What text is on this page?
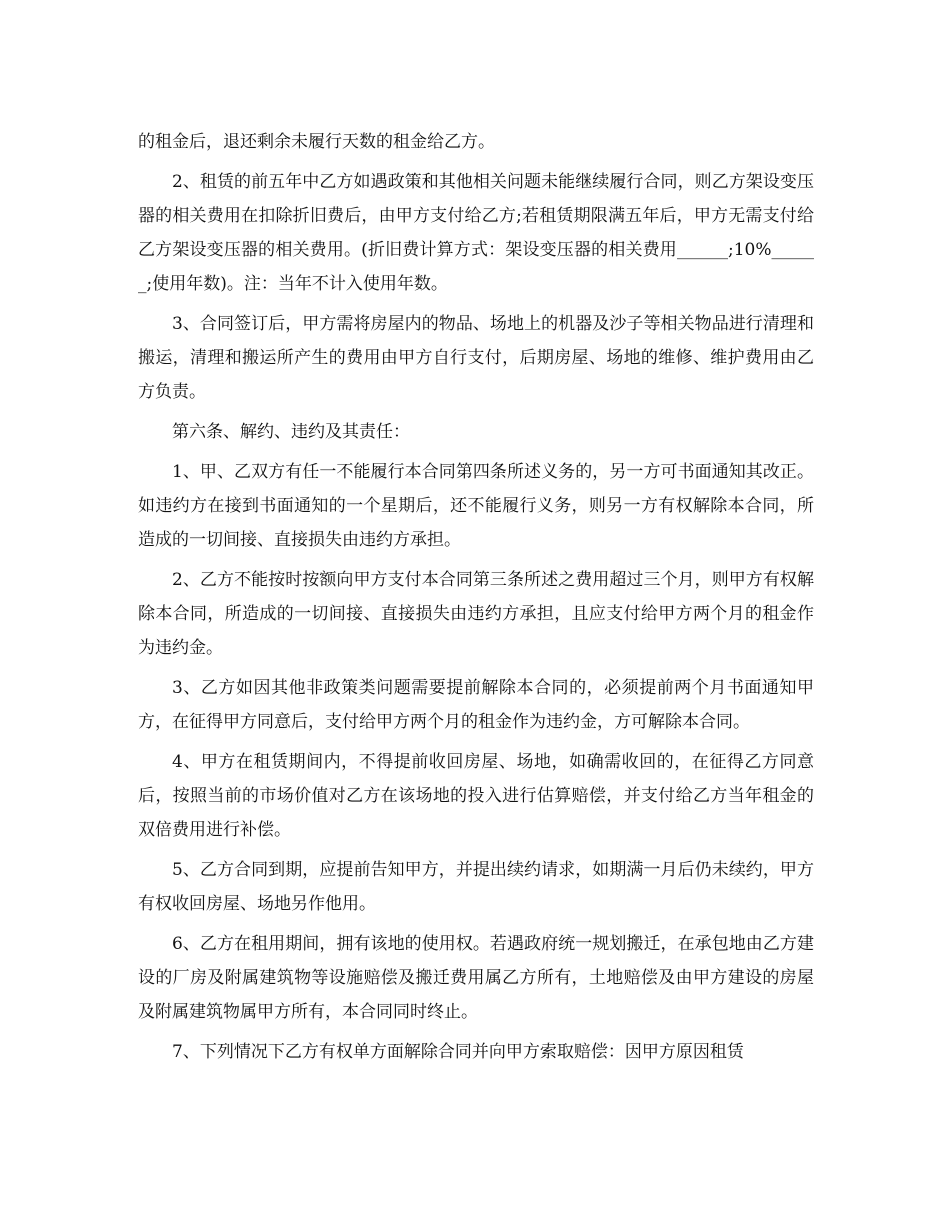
的租金后，退还剩余未履行天数的租金给乙方。

2、租赁的前五年中乙方如遇政策和其他相关问题未能继续履行合同，则乙方架设变压器的相关费用在扣除折旧费后，由甲方支付给乙方;若租赁期限满五年后，甲方无需支付给乙方架设变压器的相关费用。(折旧费计算方式：架设变压器的相关费用______;10%______;使用年数)。注：当年不计入使用年数。

3、合同签订后，甲方需将房屋内的物品、场地上的机器及沙子等相关物品进行清理和搬运，清理和搬运所产生的费用由甲方自行支付，后期房屋、场地的维修、维护费用由乙方负责。

第六条、解约、违约及其责任：

1、甲、乙双方有任一不能履行本合同第四条所述义务的，另一方可书面通知其改正。如违约方在接到书面通知的一个星期后，还不能履行义务，则另一方有权解除本合同，所造成的一切间接、直接损失由违约方承担。

2、乙方不能按时按额向甲方支付本合同第三条所述之费用超过三个月，则甲方有权解除本合同，所造成的一切间接、直接损失由违约方承担，且应支付给甲方两个月的租金作为违约金。

3、乙方如因其他非政策类问题需要提前解除本合同的，必须提前两个月书面通知甲方，在征得甲方同意后，支付给甲方两个月的租金作为违约金，方可解除本合同。

4、甲方在租赁期间内，不得提前收回房屋、场地，如确需收回的，在征得乙方同意后，按照当前的市场价值对乙方在该场地的投入进行估算赔偿，并支付给乙方当年租金的双倍费用进行补偿。

5、乙方合同到期，应提前告知甲方，并提出续约请求，如期满一月后仍未续约，甲方有权收回房屋、场地另作他用。

6、乙方在租用期间，拥有该地的使用权。若遇政府统一规划搬迁，在承包地由乙方建设的厂房及附属建筑物等设施赔偿及搬迁费用属乙方所有，土地赔偿及由甲方建设的房屋及附属建筑物属甲方所有，本合同同时终止。

7、下列情况下乙方有权单方面解除合同并向甲方索取赔偿：因甲方原因租赁
